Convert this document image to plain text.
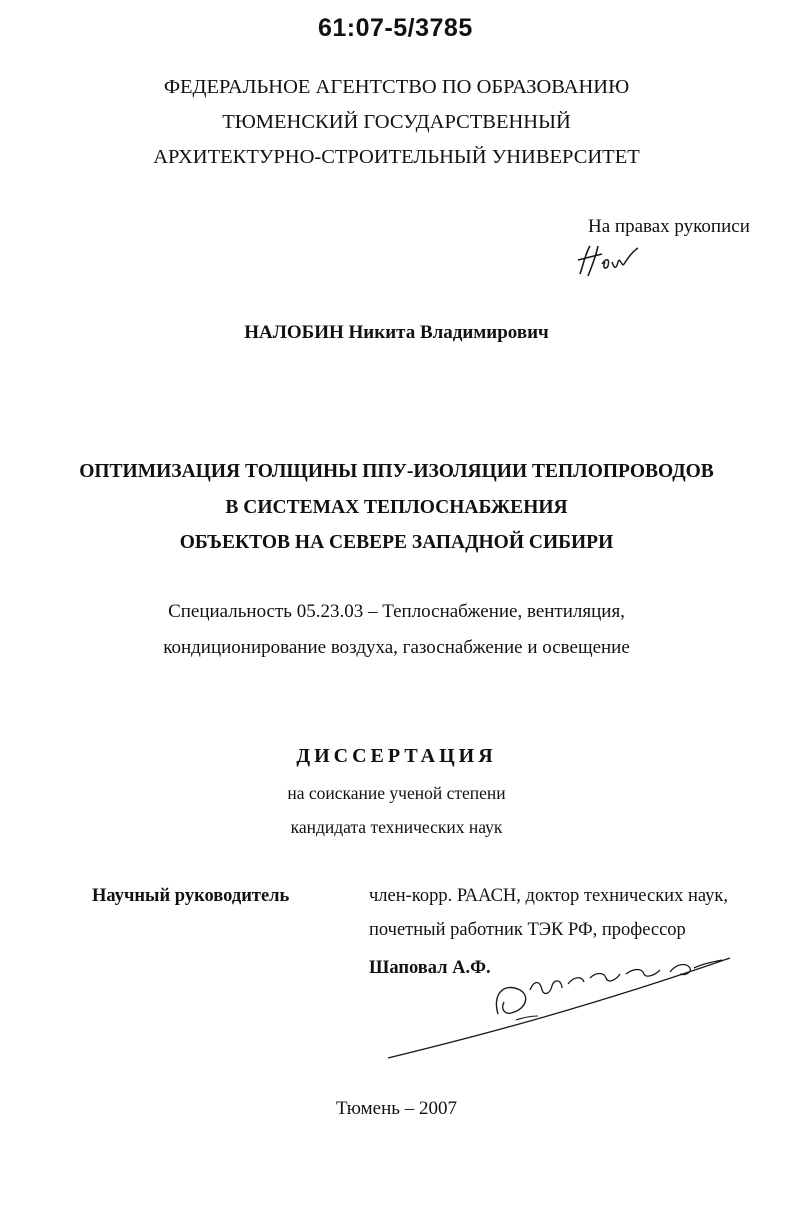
61:07-5/3785
ФЕДЕРАЛЬНОЕ АГЕНТСТВО ПО ОБРАЗОВАНИЮ
ТЮМЕНСКИЙ ГОСУДАРСТВЕННЫЙ
АРХИТЕКТУРНО-СТРОИТЕЛЬНЫЙ УНИВЕРСИТЕТ
На правах рукописи
НАЛОБИН Никита Владимирович
ОПТИМИЗАЦИЯ ТОЛЩИНЫ ППУ-ИЗОЛЯЦИИ ТЕПЛОПРОВОДОВ
В СИСТЕМАХ ТЕПЛОСНАБЖЕНИЯ
ОБЪЕКТОВ НА СЕВЕРЕ ЗАПАДНОЙ СИБИРИ
Специальность 05.23.03 – Теплоснабжение, вентиляция,
кондиционирование воздуха, газоснабжение и освещение
ДИССЕРТАЦИЯ
на соискание ученой степени
кандидата технических наук
Научный руководитель	член-корр. РААСН, доктор технических наук,
почетный работник ТЭК РФ, профессор
Шаповал А.Ф.
Тюмень – 2007
